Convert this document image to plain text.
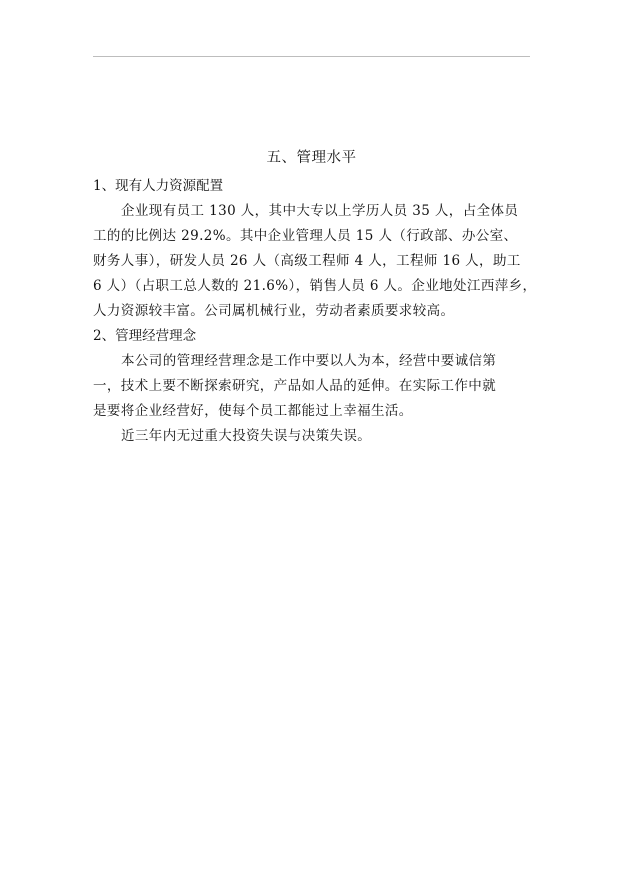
五、管理水平
1、现有人力资源配置
企业现有员工 130 人，其中大专以上学历人员 35 人，占全体员
工的的比例达 29.2%。其中企业管理人员 15 人（行政部、办公室、
财务人事），研发人员 26 人（高级工程师 4 人，工程师 16 人，助工
6 人）（占职工总人数的 21.6%），销售人员 6 人。企业地处江西萍乡，
人力资源较丰富。公司属机械行业，劳动者素质要求较高。
2、管理经营理念
本公司的管理经营理念是工作中要以人为本，经营中要诚信第
一，技术上要不断探索研究，产品如人品的延伸。在实际工作中就
是要将企业经营好，使每个员工都能过上幸福生活。
近三年内无过重大投资失误与决策失误。
